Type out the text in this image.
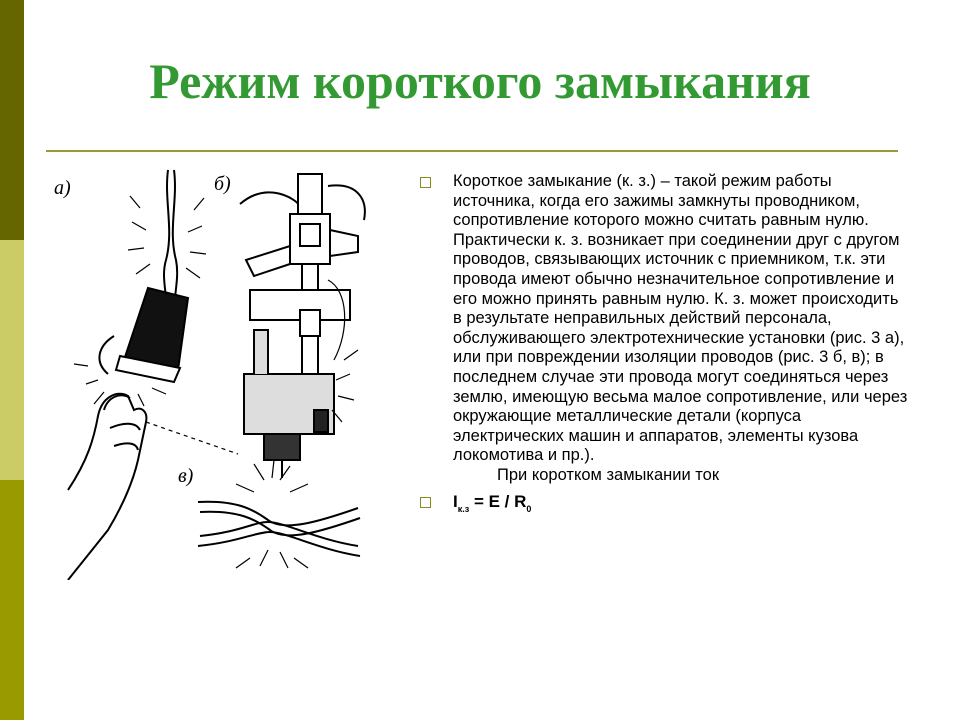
Режим короткого замыкания
а)	б)
в)
Короткое замыкание (к. з.) – такой режим работы источника, когда его зажимы замкнуты проводником, сопротивление которого можно считать равным нулю. Практически к. з. возникает при соединении друг с другом проводов, связывающих источник с приемником, т.к. эти провода имеют обычно незначительное сопротивление и его можно принять равным нулю. К. з. может происходить в результате неправильных действий персонала, обслуживающего электротехнические установки (рис. 3 а), или при повреждении изоляции проводов (рис. 3 б, в); в последнем случае эти провода могут соединяться через землю, имеющую весьма малое сопротивление, или через окружающие металлические детали (корпуса электрических машин и аппаратов, элементы кузова локомотива и пр.).
При коротком замыкании ток
$I_{к.з} = E / R_0$
